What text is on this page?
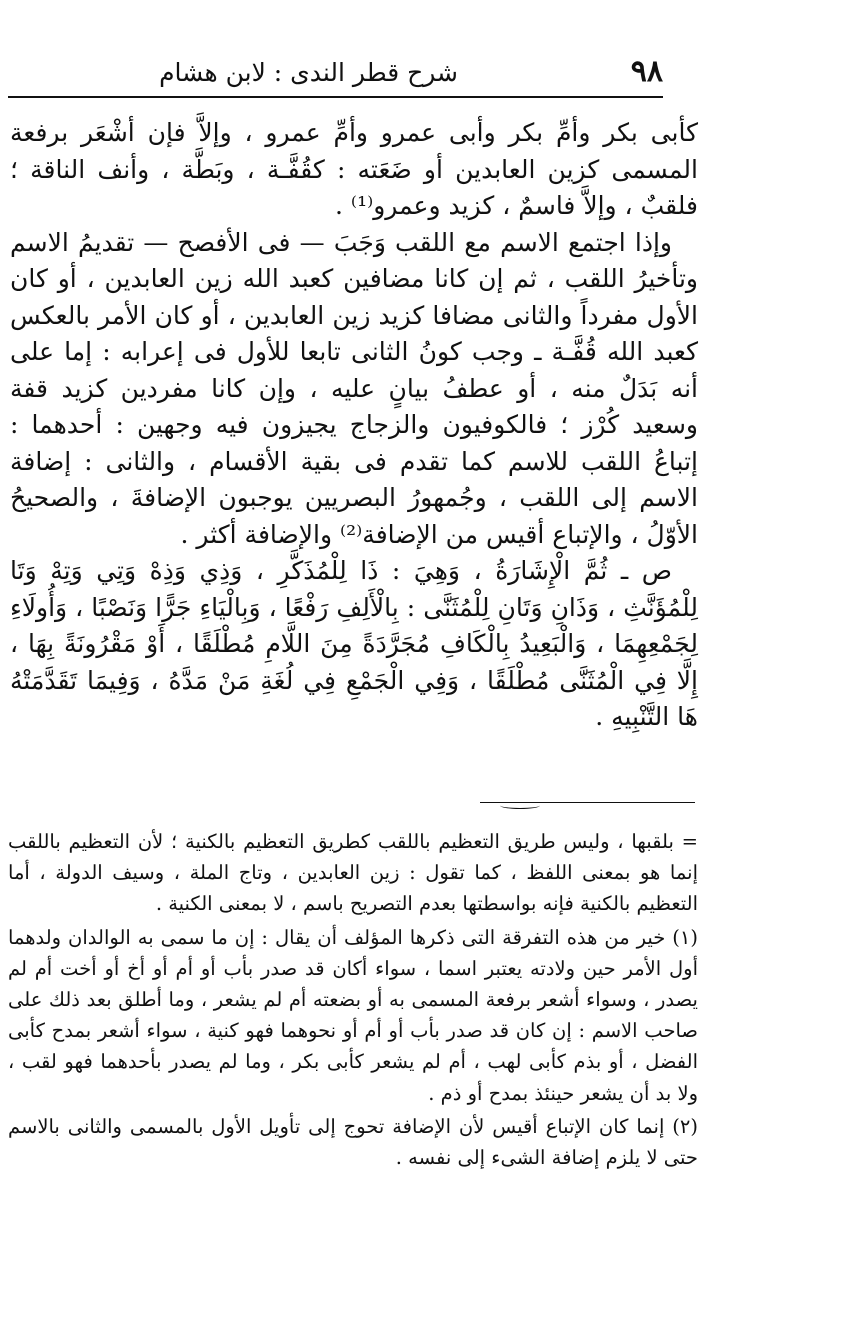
٩٨
شرح قطر الندى : لابن هشام

كأبى بكر وأمِّ بكر وأبى عمرو وأمِّ عمرو ، وإلاَّ فإن أشْعَر برفعة المسمى كزين العابدين أو ضَعَته : كقُفَّـة ، وبَطَّة ، وأنف الناقة ؛ فلقبٌ ، وإلاَّ فاسمٌ ، كزيد وعمرو⁽¹⁾ .

وإذا اجتمع الاسم مع اللقب وَجَبَ — فى الأفصح — تقديمُ الاسم وتأخيرُ اللقب ، ثم إن كانا مضافين كعبد الله زين العابدين ، أو كان الأول مفرداً والثانى مضافا كزيد زين العابدين ، أو كان الأمر بالعكس كعبد الله قُفَّـة ـ وجب كونُ الثانى تابعا للأول فى إعرابه : إما على أنه بَدَلٌ منه ، أو عطفُ بيانٍ عليه ، وإن كانا مفردين كزيد قفة وسعيد كُرْز ؛ فالكوفيون والزجاج يجيزون فيه وجهين : أحدهما : إتباعُ اللقب للاسم كما تقدم فى بقية الأقسام ، والثانى : إضافة الاسم إلى اللقب ، وجُمهورُ البصريين يوجبون الإضافةَ ، والصحيحُ الأوّلُ ، والإتباع أقيس من الإضافة⁽²⁾ والإضافة أكثر .

ص ـ ثُمَّ الْإِشَارَةُ ، وَهِيَ : ذَا لِلْمُذَكَّرِ ، وَذِي وَذِهْ وَتِي وَتِهْ وَتَا لِلْمُؤَنَّثِ ، وَذَانِ وَتَانِ لِلْمُثَنَّى : بِالْأَلِفِ رَفْعًا ، وَبِالْيَاءِ جَرًّا وَنَصْبًا ، وَأُولَاءِ لِجَمْعِهِمَا ، وَالْبَعِيدُ بِالْكَافِ مُجَرَّدَةً مِنَ اللَّامِ مُطْلَقًا ، أَوْ مَقْرُونَةً بِهَا ، إِلَّا فِي الْمُثَنَّى مُطْلَقًا ، وَفِي الْجَمْعِ فِي لُغَةِ مَنْ مَدَّهُ ، وَفِيمَا تَقَدَّمَتْهُ هَا التَّنْبِيهِ .

= بلقبها ، وليس طريق التعظيم باللقب كطريق التعظيم بالكنية ؛ لأن التعظيم باللقب إنما هو بمعنى اللفظ ، كما تقول : زين العابدين ، وتاج الملة ، وسيف الدولة ، أما التعظيم بالكنية فإنه بواسطتها بعدم التصريح باسم ، لا بمعنى الكنية .

(١) خير من هذه التفرقة التى ذكرها المؤلف أن يقال : إن ما سمى به الوالدان ولدهما أول الأمر حين ولادته يعتبر اسما ، سواء أكان قد صدر بأب أو أم أو أخ أو أخت أم لم يصدر ، وسواء أشعر برفعة المسمى به أو بضعته أم لم يشعر ، وما أطلق بعد ذلك على صاحب الاسم : إن كان قد صدر بأب أو أم أو نحوهما فهو كنية ، سواء أشعر بمدح كأبى الفضل ، أو بذم كأبى لهب ، أم لم يشعر كأبى بكر ، وما لم يصدر بأحدهما فهو لقب ، ولا بد أن يشعر حينئذ بمدح أو ذم .

(٢) إنما كان الإتباع أقيس لأن الإضافة تحوج إلى تأويل الأول بالمسمى والثانى بالاسم حتى لا يلزم إضافة الشىء إلى نفسه .
